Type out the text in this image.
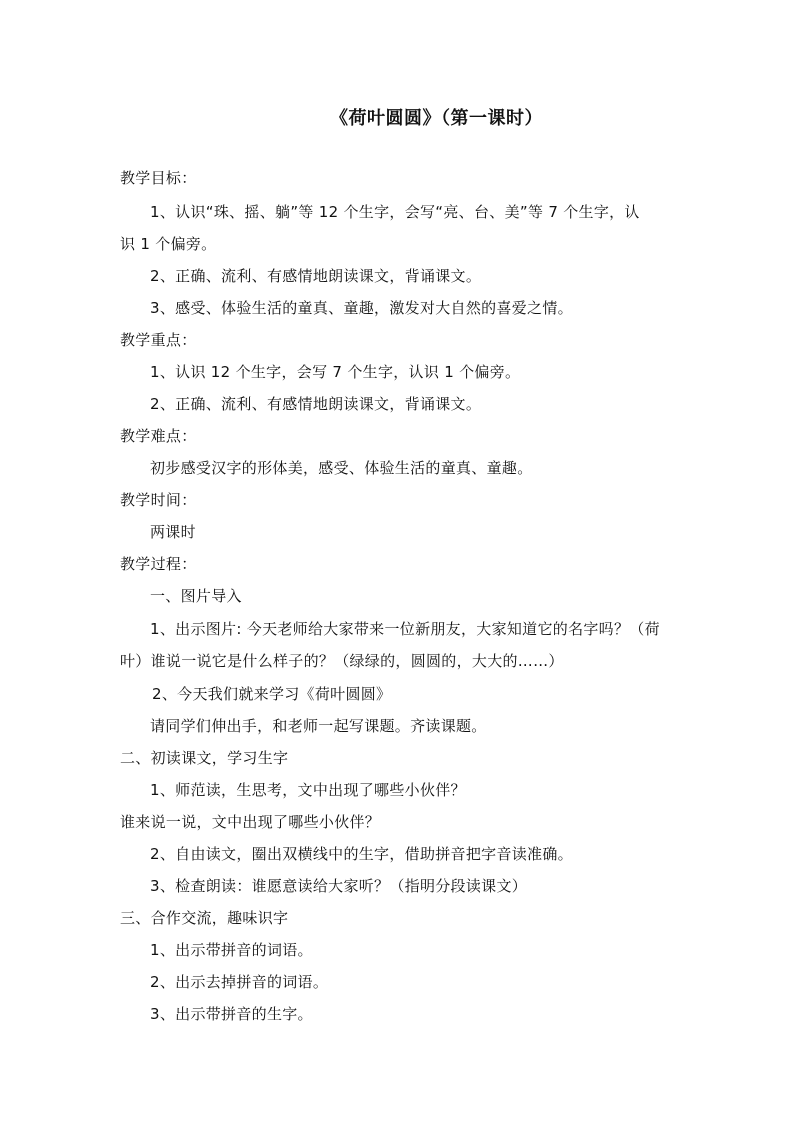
《荷叶圆圆》（第一课时）
教学目标：
1、认识“珠、摇、躺”等 12 个生字，会写“亮、台、美”等 7 个生字，认
识 1 个偏旁。
2、正确、流利、有感情地朗读课文，背诵课文。
3、感受、体验生活的童真、童趣，激发对大自然的喜爱之情。
教学重点：
1、认识 12 个生字，会写 7 个生字，认识 1 个偏旁。
2、正确、流利、有感情地朗读课文，背诵课文。
教学难点：
初步感受汉字的形体美，感受、体验生活的童真、童趣。
教学时间：
两课时
教学过程：
一、图片导入
1、出示图片: 今天老师给大家带来一位新朋友，大家知道它的名字吗？（荷
叶）谁说一说它是什么样子的？（绿绿的，圆圆的，大大的……）
2、今天我们就来学习《荷叶圆圆》
请同学们伸出手，和老师一起写课题。齐读课题。
二、初读课文，学习生字
1、师范读，生思考，文中出现了哪些小伙伴？
谁来说一说，文中出现了哪些小伙伴？
2、自由读文，圈出双横线中的生字，借助拼音把字音读准确。
3、检查朗读：谁愿意读给大家听？（指明分段读课文）
三、合作交流，趣味识字
1、出示带拼音的词语。
2、出示去掉拼音的词语。
3、出示带拼音的生字。
